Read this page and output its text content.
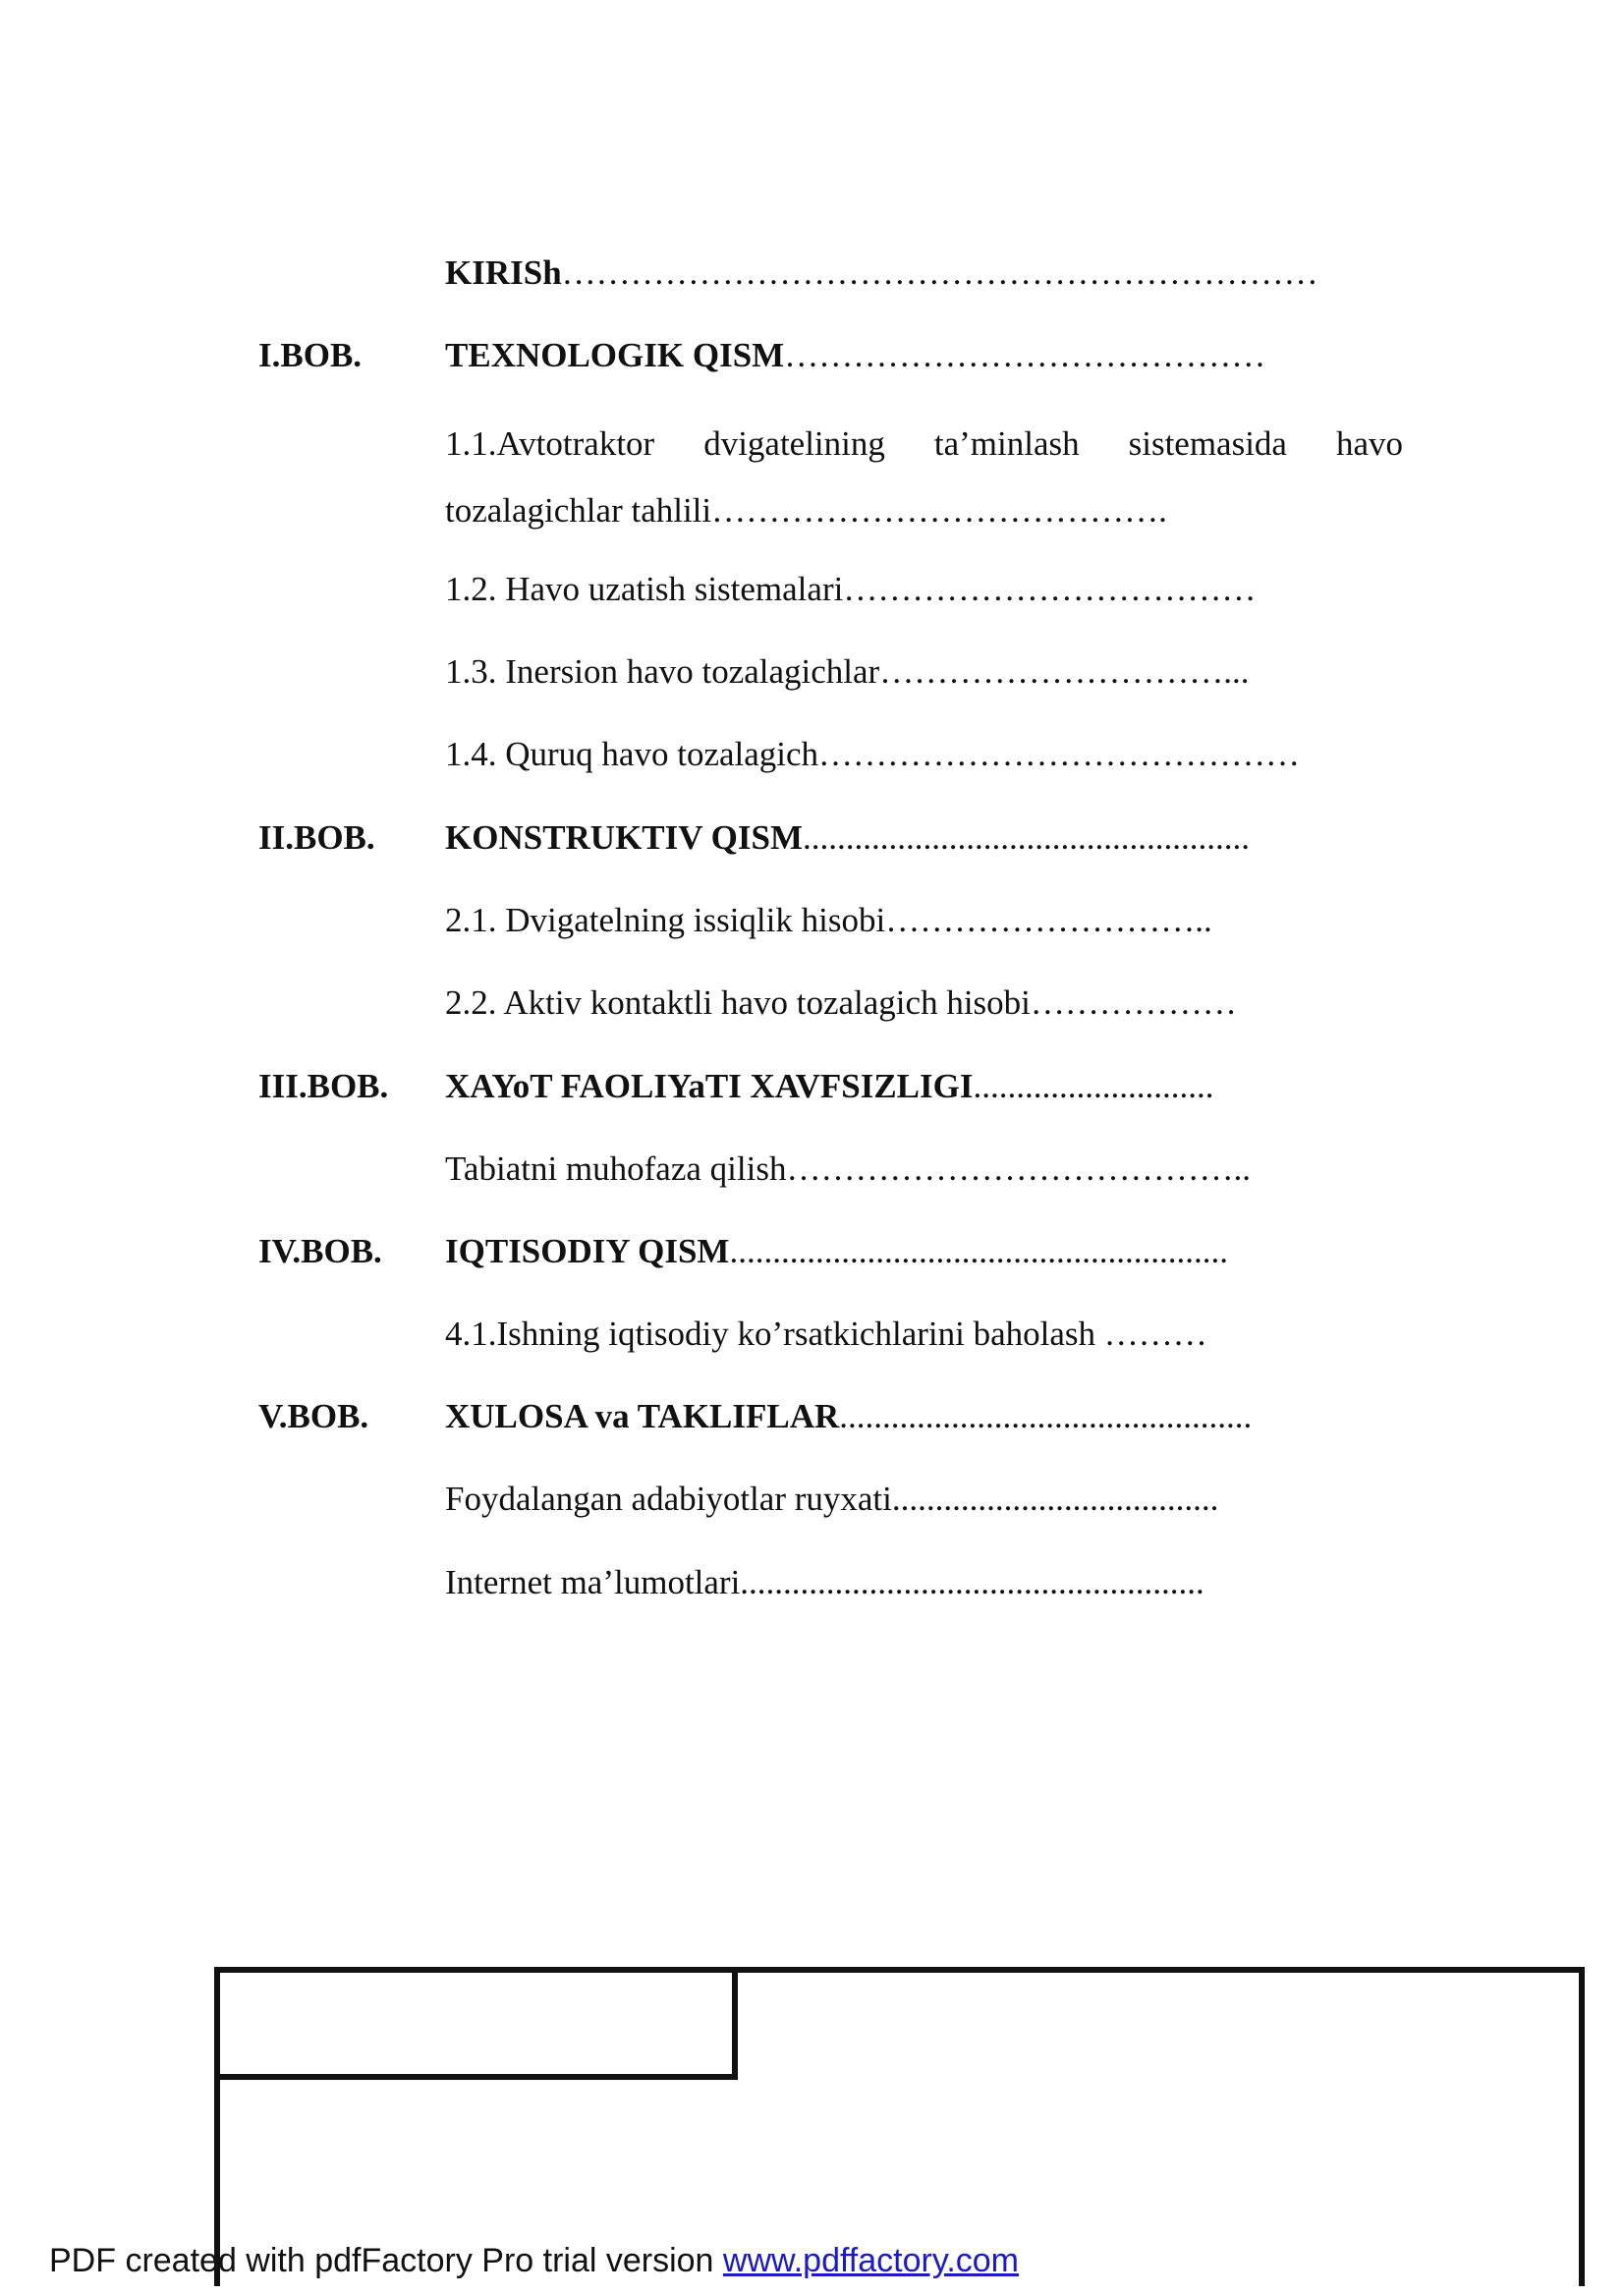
KIRISh…………………………………………………………
I.BOB. TEXNOLOGIK QISM……………………………………
1.1.Avtotraktor dvigatelining ta’minlash sistemasida havo tozalagichlar tahlili………………………………….
1.2. Havo uzatish sistemalari………………………………
1.3. Inersion havo tozalagichlar…………………………...
1.4. Quruq havo tozalagich……………………………………
II.BOB. KONSTRUKTIV QISM....................................................
2.1. Dvigatelning issiqlik hisobi………………………..
2.2. Aktiv kontaktli havo tozalagich hisobi………………
III.BOB. XAYoT FAOLIYaTI XAVFSIZLIGI............................
Tabiatni muhofaza qilish…………………………………..
IV.BOB. IQTISODIY QISM..........................................................
4.1.Ishning iqtisodiy ko’rsatkichlarini baholash ………
V.BOB. XULOSA va TAKLIFLAR................................................
Foydalangan adabiyotlar ruyxati......................................
Internet ma’lumotlari......................................................
PDF created with pdfFactory Pro trial version www.pdffactory.com
